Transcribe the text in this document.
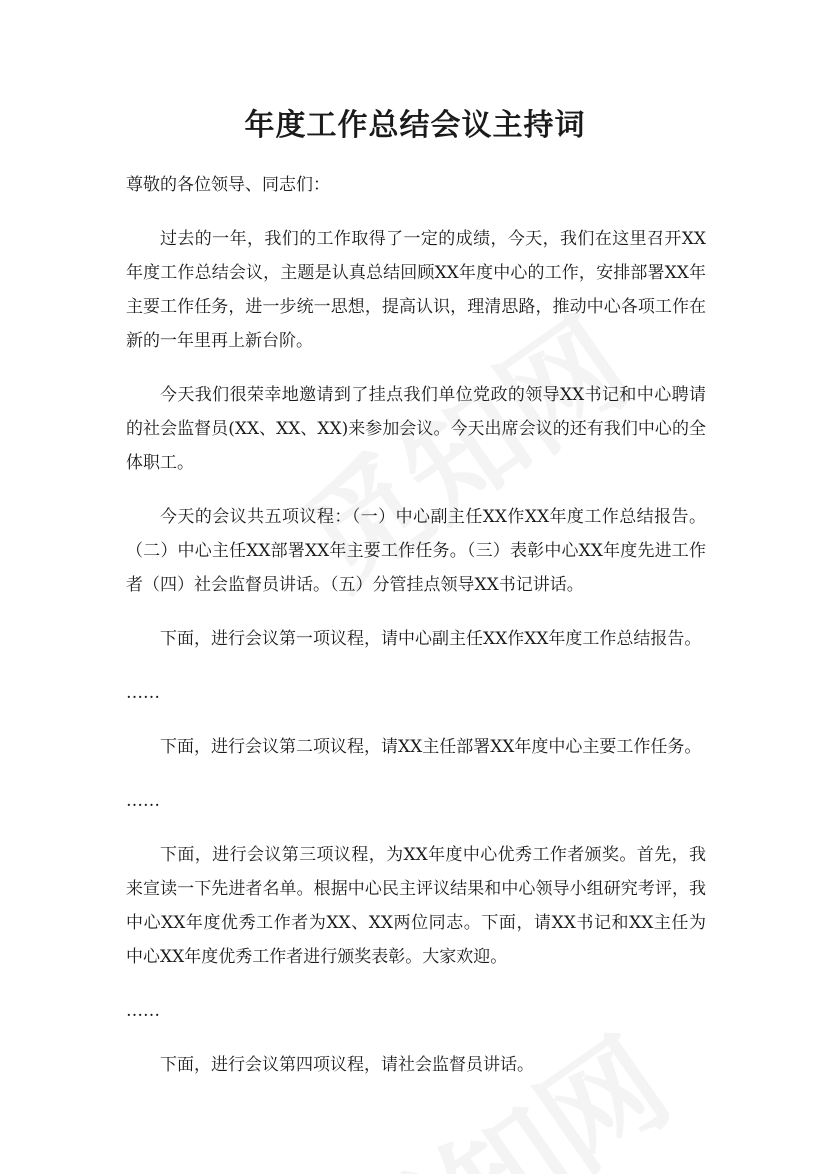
年度工作总结会议主持词

尊敬的各位领导、同志们：

过去的一年，我们的工作取得了一定的成绩，今天，我们在这里召开XX年度工作总结会议，主题是认真总结回顾XX年度中心的工作，安排部署XX年主要工作任务，进一步统一思想，提高认识，理清思路，推动中心各项工作在新的一年里再上新台阶。

今天我们很荣幸地邀请到了挂点我们单位党政的领导XX书记和中心聘请的社会监督员(XX、XX、XX)来参加会议。今天出席会议的还有我们中心的全体职工。

今天的会议共五项议程：（一）中心副主任XX作XX年度工作总结报告。 （二）中心主任XX部署XX年主要工作任务。（三）表彰中心XX年度先进工作者（四）社会监督员讲话。（五）分管挂点领导XX书记讲话。

下面，进行会议第一项议程，请中心副主任XX作XX年度工作总结报告。

……

下面，进行会议第二项议程，请XX主任部署XX年度中心主要工作任务。

……

下面，进行会议第三项议程，为XX年度中心优秀工作者颁奖。首先，我来宣读一下先进者名单。根据中心民主评议结果和中心领导小组研究考评，我中心XX年度优秀工作者为XX、XX两位同志。下面，请XX书记和XX主任为中心XX年度优秀工作者进行颁奖表彰。大家欢迎。

……

下面，进行会议第四项议程，请社会监督员讲话。
